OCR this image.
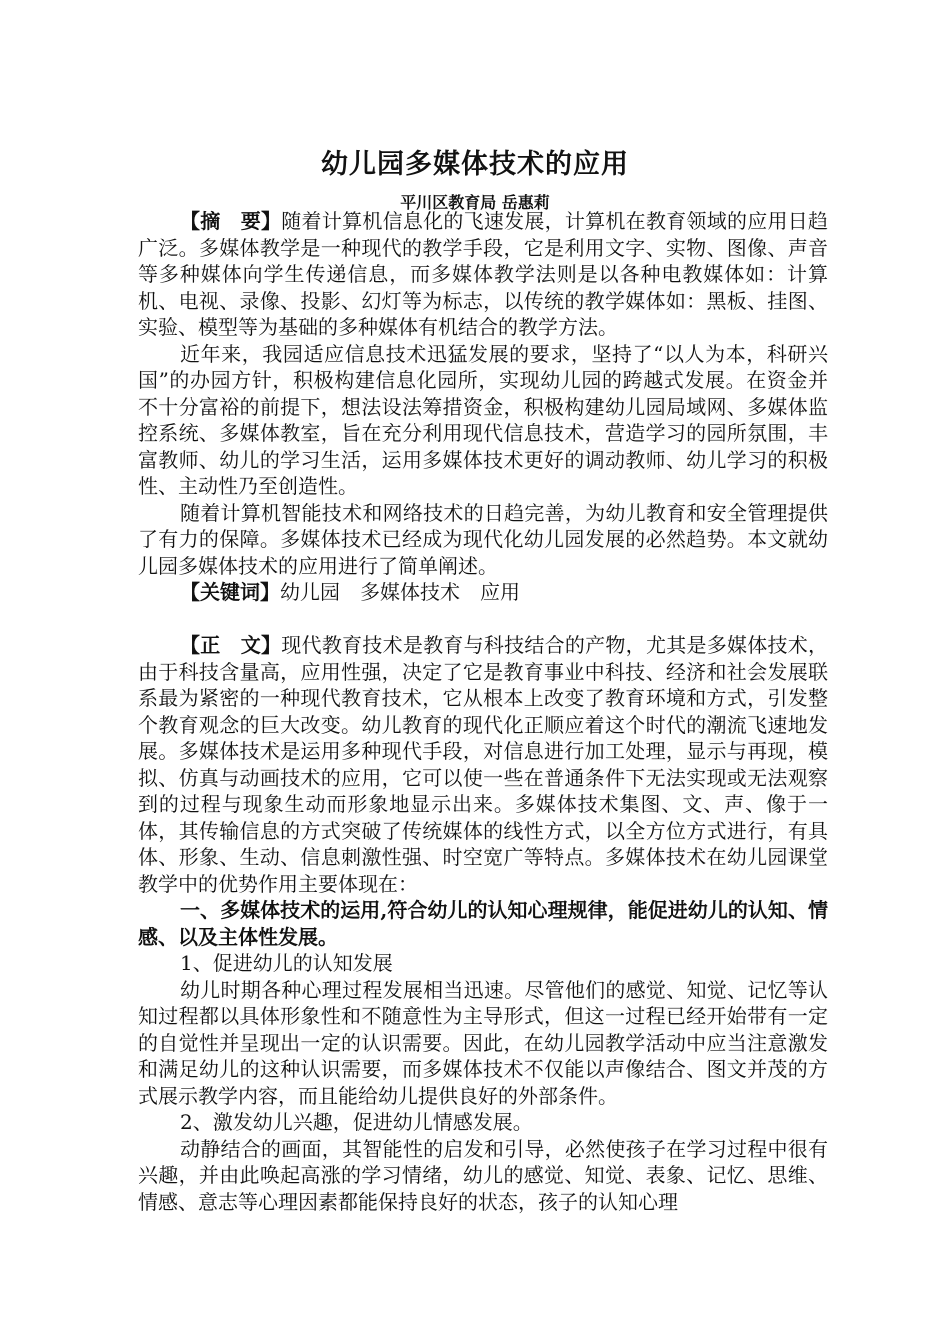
幼儿园多媒体技术的应用
平川区教育局 岳惠莉

【摘　要】随着计算机信息化的飞速发展，计算机在教育领域的应用日趋广泛。多媒体教学是一种现代的教学手段，它是利用文字、实物、图像、声音等多种媒体向学生传递信息，而多媒体教学法则是以各种电教媒体如：计算机、电视、录像、投影、幻灯等为标志，以传统的教学媒体如：黑板、挂图、实验、模型等为基础的多种媒体有机结合的教学方法。

近年来，我园适应信息技术迅猛发展的要求，坚持了“以人为本，科研兴国”的办园方针，积极构建信息化园所，实现幼儿园的跨越式发展。在资金并不十分富裕的前提下，想法设法筹措资金，积极构建幼儿园局域网、多媒体监控系统、多媒体教室，旨在充分利用现代信息技术，营造学习的园所氛围，丰富教师、幼儿的学习生活，运用多媒体技术更好的调动教师、幼儿学习的积极性、主动性乃至创造性。

随着计算机智能技术和网络技术的日趋完善，为幼儿教育和安全管理提供了有力的保障。多媒体技术已经成为现代化幼儿园发展的必然趋势。本文就幼儿园多媒体技术的应用进行了简单阐述。

【关键词】幼儿园　多媒体技术　应用

【正　文】现代教育技术是教育与科技结合的产物，尤其是多媒体技术，由于科技含量高，应用性强，决定了它是教育事业中科技、经济和社会发展联系最为紧密的一种现代教育技术，它从根本上改变了教育环境和方式，引发整个教育观念的巨大改变。幼儿教育的现代化正顺应着这个时代的潮流飞速地发展。多媒体技术是运用多种现代手段，对信息进行加工处理，显示与再现，模拟、仿真与动画技术的应用，它可以使一些在普通条件下无法实现或无法观察到的过程与现象生动而形象地显示出来。多媒体技术集图、文、声、像于一体，其传输信息的方式突破了传统媒体的线性方式，以全方位方式进行，有具体、形象、生动、信息刺激性强、时空宽广等特点。多媒体技术在幼儿园课堂教学中的优势作用主要体现在：

一、多媒体技术的运用,符合幼儿的认知心理规律，能促进幼儿的认知、情感、以及主体性发展。

1、促进幼儿的认知发展

幼儿时期各种心理过程发展相当迅速。尽管他们的感觉、知觉、记忆等认知过程都以具体形象性和不随意性为主导形式，但这一过程已经开始带有一定的自觉性并呈现出一定的认识需要。因此，在幼儿园教学活动中应当注意激发和满足幼儿的这种认识需要，而多媒体技术不仅能以声像结合、图文并茂的方式展示教学内容，而且能给幼儿提供良好的外部条件。

2、激发幼儿兴趣，促进幼儿情感发展。

动静结合的画面，其智能性的启发和引导，必然使孩子在学习过程中很有兴趣，并由此唤起高涨的学习情绪，幼儿的感觉、知觉、表象、记忆、思维、情感、意志等心理因素都能保持良好的状态，孩子的认知心理
